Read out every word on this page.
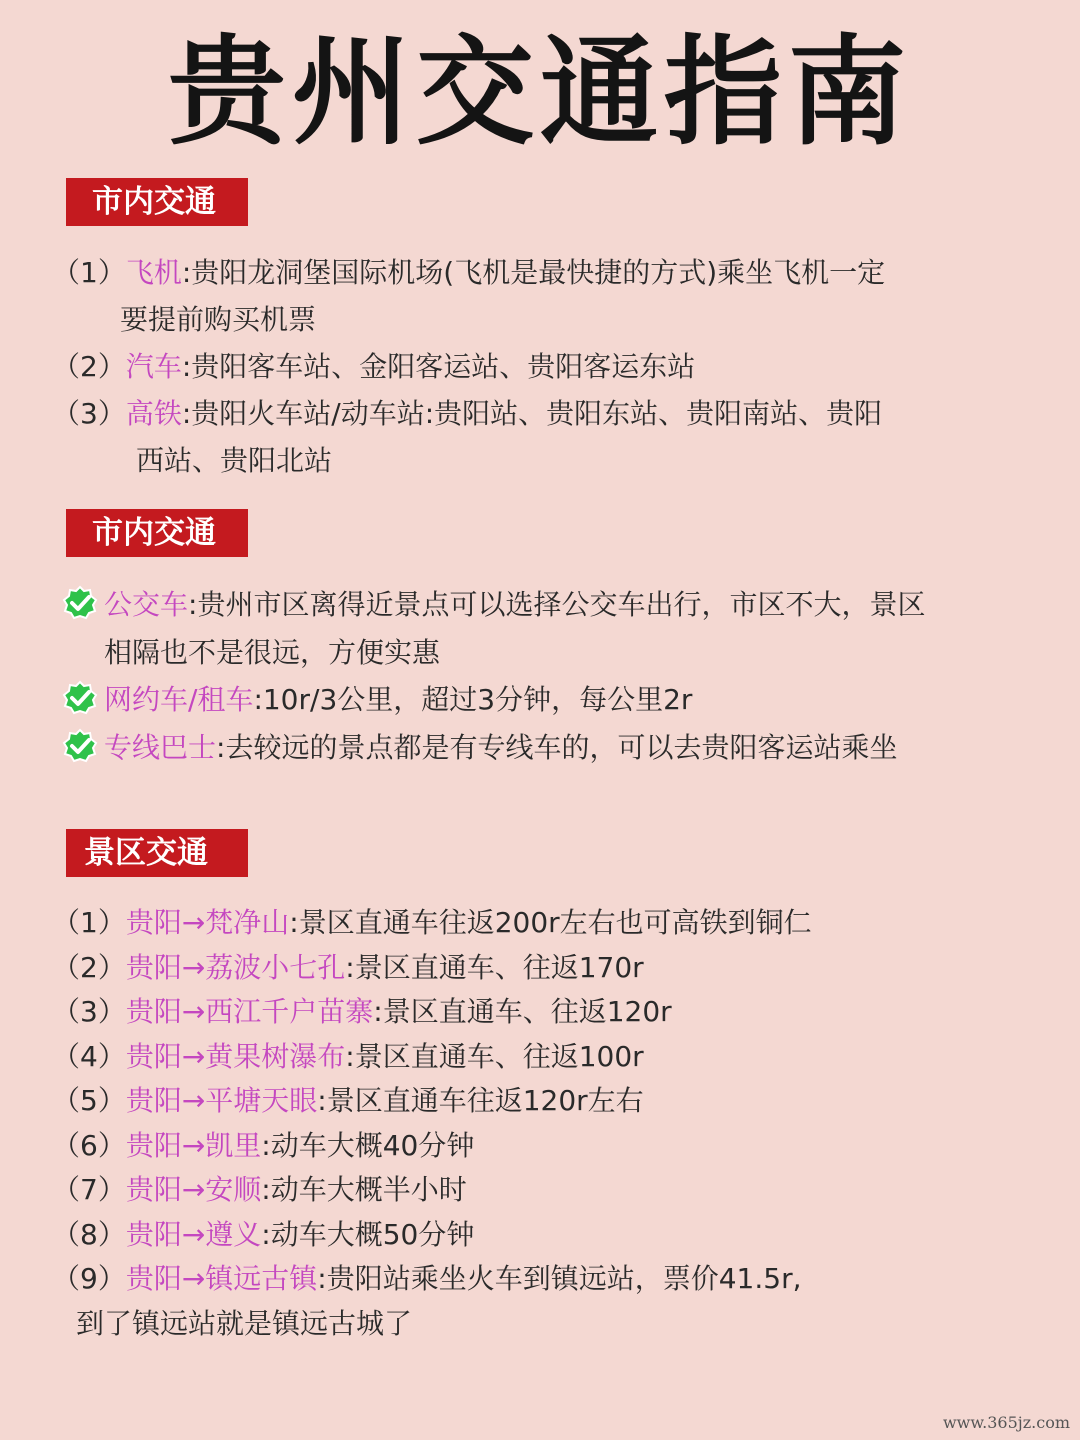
贵州交通指南
市内交通
（1）飞机:贵阳龙洞堡国际机场(飞机是最快捷的方式)乘坐飞机一定
要提前购买机票
（2）汽车:贵阳客车站、金阳客运站、贵阳客运东站
（3）高铁:贵阳火车站/动车站:贵阳站、贵阳东站、贵阳南站、贵阳
西站、贵阳北站
市内交通
公交车:贵州市区离得近景点可以选择公交车出行，市区不大，景区
相隔也不是很远，方便实惠
网约车/租车:10r/3公里，超过3分钟，每公里2r
专线巴士:去较远的景点都是有专线车的，可以去贵阳客运站乘坐
景区交通
（1）贵阳→梵净山:景区直通车往返200r左右也可高铁到铜仁
（2）贵阳→荔波小七孔:景区直通车、往返170r
（3）贵阳→西江千户苗寨:景区直通车、往返120r
（4）贵阳→黄果树瀑布:景区直通车、往返100r
（5）贵阳→平塘天眼:景区直通车往返120r左右
（6）贵阳→凯里:动车大概40分钟
（7）贵阳→安顺:动车大概半小时
（8）贵阳→遵义:动车大概50分钟
（9）贵阳→镇远古镇:贵阳站乘坐火车到镇远站，票价41.5r,
到了镇远站就是镇远古城了
www.365jz.com
